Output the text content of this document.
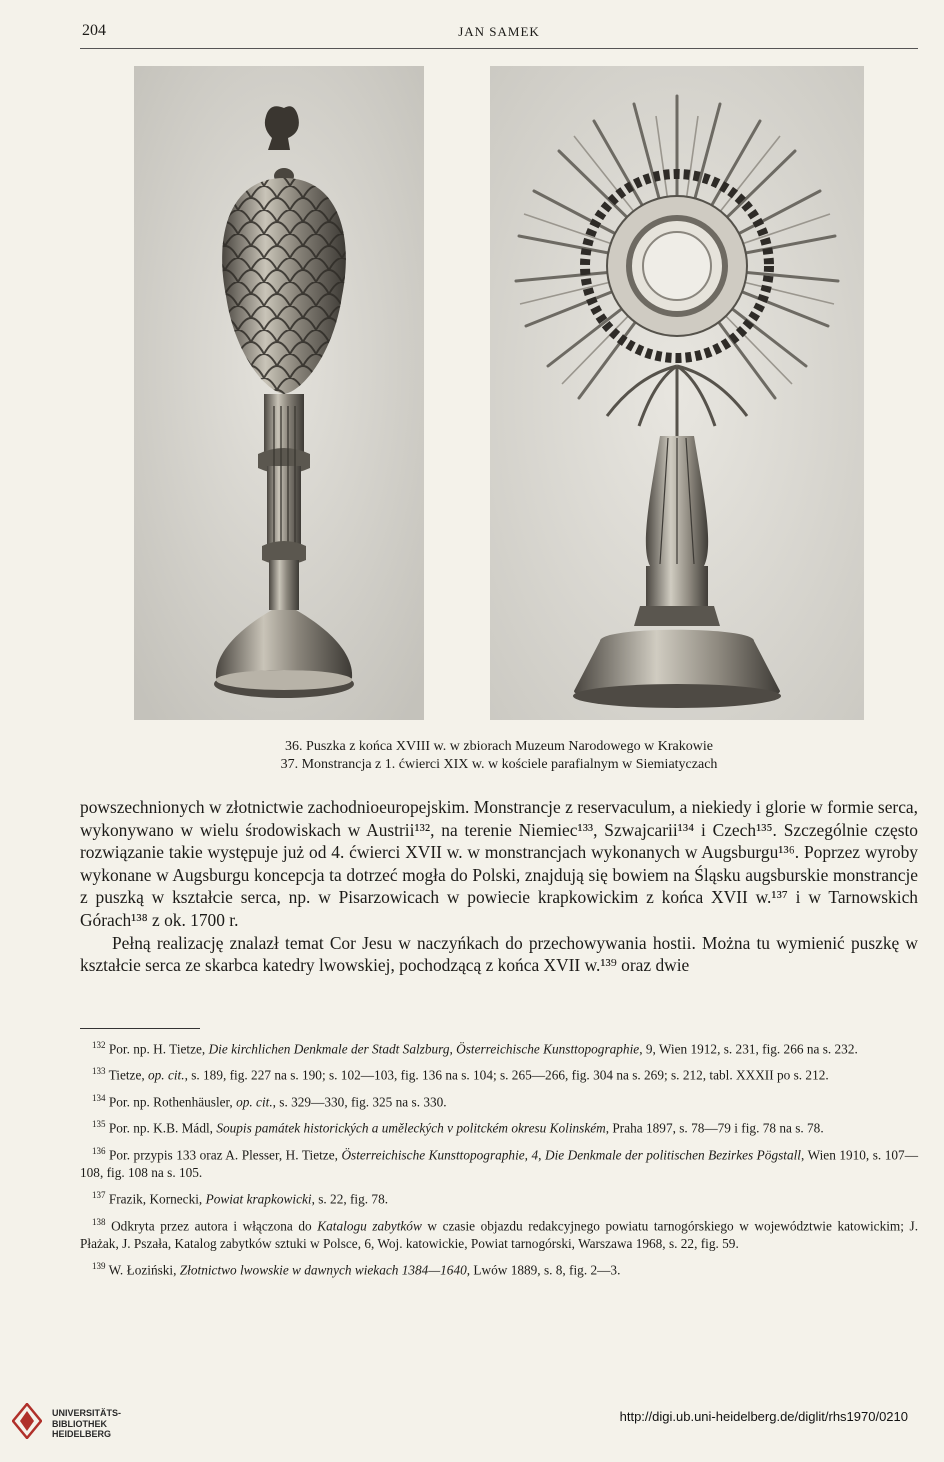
204	JAN SAMEK
36. Puszka z końca XVIII w. w zbiorach Muzeum Narodowego w Krakowie
37. Monstrancja z 1. ćwierci XIX w. w kościele parafialnym w Siemiatyczach

powszechnionych w złotnictwie zachodnioeuropejskim. Monstrancje z reservaculum, a niekiedy i glorie w formie serca, wykonywano w wielu środowiskach w Austrii¹³², na terenie Niemiec¹³³, Szwajcarii¹³⁴ i Czech¹³⁵. Szczególnie często rozwiązanie takie występuje już od 4. ćwierci XVII w. w monstrancjach wykonanych w Augsburgu¹³⁶. Poprzez wyroby wykonane w Augsburgu koncepcja ta dotrzeć mogła do Polski, znajdują się bowiem na Śląsku augsburskie monstrancje z puszką w kształcie serca, np. w Pisarzowicach w powiecie krapkowickim z końca XVII w.¹³⁷ i w Tarnowskich Górach¹³⁸ z ok. 1700 r.

Pełną realizację znalazł temat Cor Jesu w naczyńkach do przechowywania hostii. Można tu wymienić puszkę w kształcie serca ze skarbca katedry lwowskiej, pochodzącą z końca XVII w.¹³⁹ oraz dwie

$^{132}$ Por. np. H. Tietze, Die kirchlichen Denkmale der Stadt Salzburg, Österreichische Kunsttopographie, 9, Wien 1912, s. 231, fig. 266 na s. 232.

$^{133}$ Tietze, op. cit., s. 189, fig. 227 na s. 190; s. 102—103, fig. 136 na s. 104; s. 265—266, fig. 304 na s. 269; s. 212, tabl. XXXII po s. 212.

$^{134}$ Por. np. Rothenhäusler, op. cit., s. 329—330, fig. 325 na s. 330.

$^{135}$ Por. np. K.B. Mádl, Soupis památek historických a uměleckých v politckém okresu Kolinském, Praha 1897, s. 78—79 i fig. 78 na s. 78.

$^{136}$ Por. przypis 133 oraz A. Plesser, H. Tietze, Österreichische Kunsttopographie, 4, Die Denkmale der politischen Bezirkes Pögstall, Wien 1910, s. 107—108, fig. 108 na s. 105.

$^{137}$ Frazik, Kornecki, Powiat krapkowicki, s. 22, fig. 78.

$^{138}$ Odkryta przez autora i włączona do Katalogu zabytków w czasie objazdu redakcyjnego powiatu tarnogórskiego w województwie katowickim; J. Płażak, J. Pszała, Katalog zabytków sztuki w Polsce, 6, Woj. katowickie, Powiat tarnogórski, Warszawa 1968, s. 22, fig. 59.

$^{139}$ W. Łoziński, Złotnictwo lwowskie w dawnych wiekach 1384—1640, Lwów 1889, s. 8, fig. 2—3.

UNIVERSITÄTS-
BIBLIOTHEK
HEIDELBERG
http://digi.ub.uni-heidelberg.de/diglit/rhs1970/0210
